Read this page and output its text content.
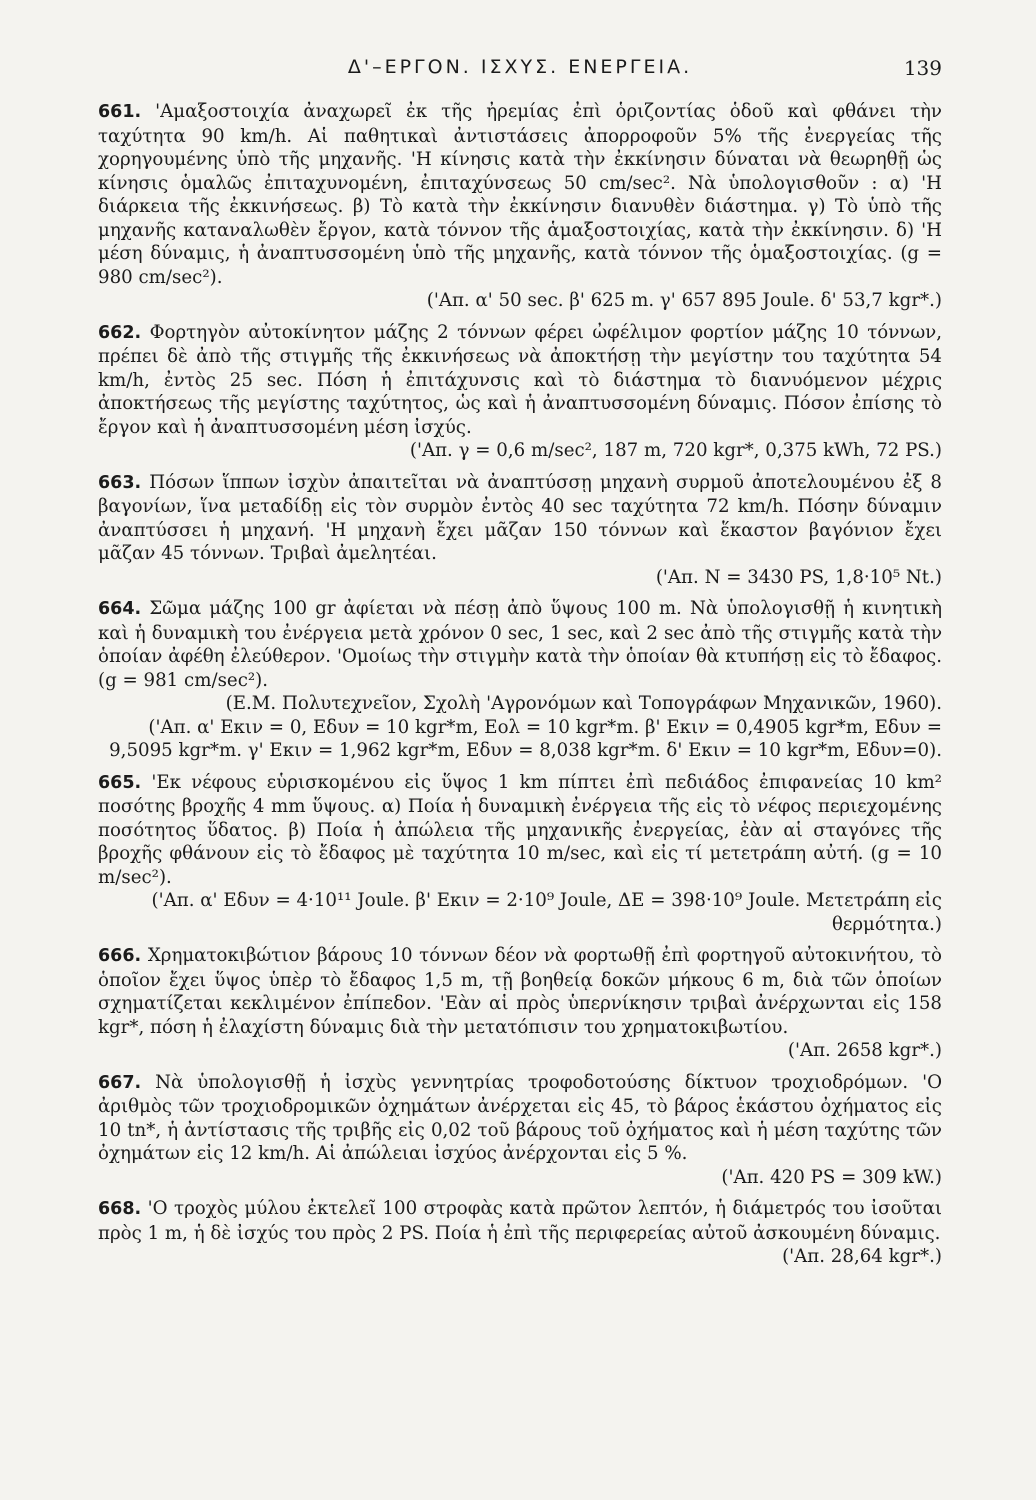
Δ'–ΕΡΓΟΝ. ΙΣΧΥΣ. ΕΝΕΡΓΕΙΑ.	139
661. 'Αμαξοστοιχία ἀναχωρεῖ ἐκ τῆς ἠρεμίας ἐπὶ ὁριζοντίας ὁδοῦ καὶ φθάνει τὴν ταχύτητα 90 km/h. Αἱ παθητικαὶ ἀντιστάσεις ἀπορροφοῦν 5% τῆς ἐνεργείας τῆς χορηγουμένης ὑπὸ τῆς μηχανῆς. 'Η κίνησις κατὰ τὴν ἐκκίνησιν δύναται νὰ θεωρηθῇ ὡς κίνησις ὁμαλῶς ἐπιταχυνομένη, ἐπιταχύνσεως 50 cm/sec². Νὰ ὑπολογισθοῦν : α) 'Η διάρκεια τῆς ἐκκινήσεως. β) Τὸ κατὰ τὴν ἐκκίνησιν διανυθὲν διάστημα. γ) Τὸ ὑπὸ τῆς μηχανῆς καταναλωθὲν ἔργον, κατὰ τόννον τῆς ἁμαξοστοιχίας, κατὰ τὴν ἐκκίνησιν. δ) 'Η μέση δύναμις, ἡ ἀναπτυσσομένη ὑπὸ τῆς μηχανῆς, κατὰ τόννον τῆς ὁμαξοστοιχίας. (g = 980 cm/sec²).
('Απ. α' 50 sec. β' 625 m. γ' 657 895 Joule. δ' 53,7 kgr*.)
662. Φορτηγὸν αὐτοκίνητον μάζης 2 τόννων φέρει ὠφέλιμον φορτίον μάζης 10 τόννων, πρέπει δὲ ἀπὸ τῆς στιγμῆς τῆς ἐκκινήσεως νὰ ἀποκτήσῃ τὴν μεγίστην του ταχύτητα 54 km/h, ἐντὸς 25 sec. Πόση ἡ ἐπιτάχυνσις καὶ τὸ διάστημα τὸ διανυόμενον μέχρις ἀποκτήσεως τῆς μεγίστης ταχύτητος, ὡς καὶ ἡ ἀναπτυσσομένη δύναμις. Πόσον ἐπίσης τὸ ἔργον καὶ ἡ ἀναπτυσσομένη μέση ἰσχύς.
('Απ. γ = 0,6 m/sec², 187 m, 720 kgr*, 0,375 kWh, 72 PS.)
663. Πόσων ἵππων ἰσχὺν ἀπαιτεῖται νὰ ἀναπτύσσῃ μηχανὴ συρμοῦ ἀποτελουμένου ἐξ 8 βαγονίων, ἵνα μεταδίδῃ εἰς τὸν συρμὸν ἐντὸς 40 sec ταχύτητα 72 km/h. Πόσην δύναμιν ἀναπτύσσει ἡ μηχανή. 'Η μηχανὴ ἔχει μᾶζαν 150 τόννων καὶ ἕκαστον βαγόνιον ἔχει μᾶζαν 45 τόννων. Τριβαὶ ἀμελητέαι.
('Απ. N = 3430 PS, 1,8·10⁵ Nt.)
664. Σῶμα μάζης 100 gr ἀφίεται νὰ πέσῃ ἀπὸ ὕψους 100 m. Νὰ ὑπολογισθῇ ἡ κινητικὴ καὶ ἡ δυναμικὴ του ἐνέργεια μετὰ χρόνον 0 sec, 1 sec, καὶ 2 sec ἀπὸ τῆς στιγμῆς κατὰ τὴν ὁποίαν ἀφέθη ἐλεύθερον. 'Ομοίως τὴν στιγμὴν κατὰ τὴν ὁποίαν θὰ κτυπήσῃ εἰς τὸ ἔδαφος. (g = 981 cm/sec²).
(Ε.Μ. Πολυτεχνεῖον, Σχολὴ 'Αγρονόμων καὶ Τοπογράφων Μηχανικῶν, 1960).
('Απ. α' Eκιν = 0, Eδυν = 10 kgr*m, Eολ = 10 kgr*m. β' Eκιν = 0,4905 kgr*m, Eδυν = 9,5095 kgr*m. γ' Eκιν = 1,962 kgr*m, Eδυν = 8,038 kgr*m. δ' Eκιν = 10 kgr*m, Eδυν=0).
665. 'Εκ νέφους εὑρισκομένου εἰς ὕψος 1 km πίπτει ἐπὶ πεδιάδος ἐπιφανείας 10 km² ποσότης βροχῆς 4 mm ὕψους. α) Ποία ἡ δυναμικὴ ἐνέργεια τῆς εἰς τὸ νέφος περιεχομένης ποσότητος ὕδατος. β) Ποία ἡ ἀπώλεια τῆς μηχανικῆς ἐνεργείας, ἐὰν αἱ σταγόνες τῆς βροχῆς φθάνουν εἰς τὸ ἔδαφος μὲ ταχύτητα 10 m/sec, καὶ εἰς τί μετετράπη αὐτή. (g = 10 m/sec²).
('Απ. α' Eδυν = 4·10¹¹ Joule. β' Eκιν = 2·10⁹ Joule, ΔE = 398·10⁹ Joule. Μετετράπη εἰς θερμότητα.)
666. Χρηματοκιβώτιον βάρους 10 τόννων δέον νὰ φορτωθῇ ἐπὶ φορτηγοῦ αὐτοκινήτου, τὸ ὁποῖον ἔχει ὕψος ὑπὲρ τὸ ἔδαφος 1,5 m, τῇ βοηθείᾳ δοκῶν μήκους 6 m, διὰ τῶν ὁποίων σχηματίζεται κεκλιμένον ἐπίπεδον. 'Εὰν αἱ πρὸς ὑπερνίκησιν τριβαὶ ἀνέρχωνται εἰς 158 kgr*, πόση ἡ ἐλαχίστη δύναμις διὰ τὴν μετατόπισιν του χρηματοκιβωτίου.
('Απ. 2658 kgr*.)
667. Νὰ ὑπολογισθῇ ἡ ἰσχὺς γεννητρίας τροφοδοτούσης δίκτυον τροχιοδρόμων. 'Ο ἀριθμὸς τῶν τροχιοδρομικῶν ὀχημάτων ἀνέρχεται εἰς 45, τὸ βάρος ἑκάστου ὀχήματος εἰς 10 tn*, ἡ ἀντίστασις τῆς τριβῆς εἰς 0,02 τοῦ βάρους τοῦ ὀχήματος καὶ ἡ μέση ταχύτης τῶν ὀχημάτων εἰς 12 km/h. Αἱ ἀπώλειαι ἰσχύος ἀνέρχονται εἰς 5 %.
('Απ. 420 PS = 309 kW.)
668. 'Ο τροχὸς μύλου ἐκτελεῖ 100 στροφὰς κατὰ πρῶτον λεπτόν, ἡ διάμετρός του ἰσοῦται πρὸς 1 m, ἡ δὲ ἰσχύς του πρὸς 2 PS. Ποία ἡ ἐπὶ τῆς περιφερείας αὐτοῦ ἀσκουμένη δύναμις.
('Απ. 28,64 kgr*.)
